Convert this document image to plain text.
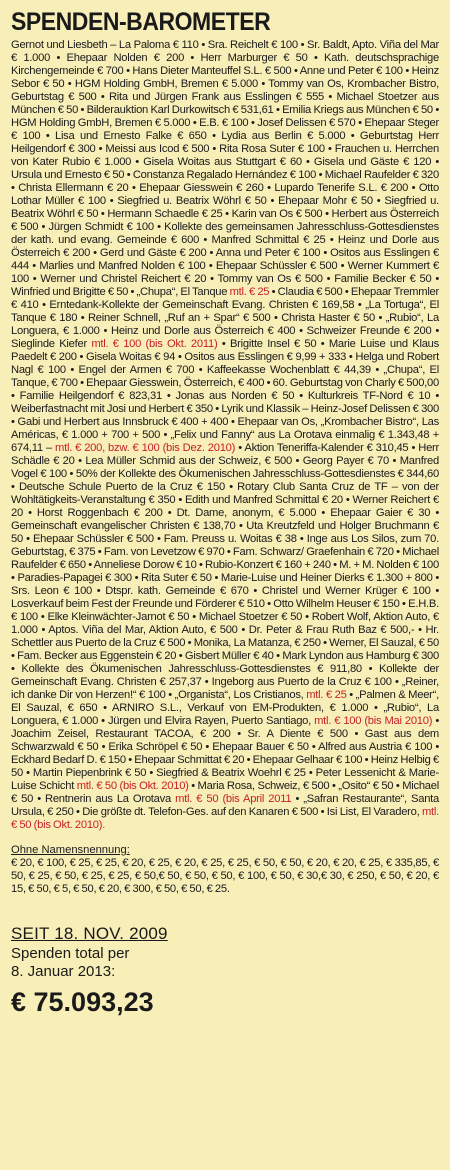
SPENDEN-BAROMETER

Gernot und Liesbeth – La Paloma € 110 • Sra. Reichelt € 100 • Sr. Baldt, Apto. Viña del Mar € 1.000 • Ehepaar Nolden € 200 • Herr Marburger € 50 • Kath. deutschsprachige Kirchengemeinde € 700 • Hans Dieter Manteuffel S.L. € 500 • Anne und Peter € 100 • Heinz Sebor € 50 • HGM Holding GmbH, Bremen € 5.000 • Tommy van Os, Krombacher Bistro, Geburtstag € 500 • Rita und Jürgen Frank aus Esslingen € 555 • Michael Stoetzer aus München € 50 • Bilderauktion Karl Durkowitsch € 531,61 • Emilia Kriegs aus München € 50 • HGM Holding GmbH, Bremen € 5.000 • E.B. € 100 • Josef Delissen € 570 • Ehepaar Steger € 100 • Lisa und Ernesto Falke € 650 • Lydia aus Berlin € 5.000 • Geburtstag Herr Heilgendorf € 300 • Meissi aus Icod € 500 • Rita Rosa Suter € 100 • Frauchen u. Herrchen von Kater Rubio € 1.000 • Gisela Woitas aus Stuttgart € 60 • Gisela und Gäste € 120 • Ursula und Ernesto € 50 • Constanza Regalado Hernández € 100 • Michael Raufelder € 320 • Christa Ellermann € 20 • Ehepaar Giesswein € 260 • Lupardo Tenerife S.L. € 200 • Otto Lothar Müller € 100 • Siegfried u. Beatrix Wöhrl € 50 • Ehepaar Mohr € 50 • Siegfried u. Beatrix Wöhrl € 50 • Hermann Schaedle € 25 • Karin van Os € 500 • Herbert aus Österreich € 500 • Jürgen Schmidt € 100 • Kollekte des gemeinsamen Jahresschluss-Gottesdienstes der kath. und evang. Gemeinde € 600 • Manfred Schmittal € 25 • Heinz und Dorle aus Österreich € 200 • Gerd und Gäste € 200 • Anna und Peter € 100 • Ositos aus Esslingen € 444 • Marlies und Manfred Nolden € 100 • Ehepaar Schüssler € 500 • Werner Kummert € 100 • Werner und Christel Reichert € 20 • Tommy van Os € 500 • Familie Becker € 50 • Winfried und Brigitte € 50 • „Chupa“, El Tanque mtl. € 25 • Claudia € 500 • Ehepaar Tremmler € 410 • Erntedank-Kollekte der Gemeinschaft Evang. Christen € 169,58 • „La Tortuga“, El Tanque € 180 • Reiner Schnell, „Ruf an + Spar“ € 500 • Christa Haster € 50 • „Rubio“, La Longuera, € 1.000 • Heinz und Dorle aus Österreich € 400 • Schweizer Freunde € 200 • Sieglinde Kiefer mtl. € 100 (bis Okt. 2011) • Brigitte Insel € 50 • Marie Luise und Klaus Paedelt € 200 • Gisela Woitas € 94 • Ositos aus Esslingen € 9,99 + 333 • Helga und Robert Nagl € 100 • Engel der Armen € 700 • Kaffeekasse Wochenblatt € 44,39 • „Chupa“, El Tanque, € 700 • Ehepaar Giesswein, Österreich, € 400 • 60. Geburtstag von Charly € 500,00 • Familie Heilgendorf € 823,31 • Jonas aus Norden € 50 • Kulturkreis TF-Nord € 10 • Weiberfastnacht mit Josi und Herbert € 350 • Lyrik und Klassik – Heinz-Josef Delissen € 300 • Gabi und Herbert aus Innsbruck € 400 + 400 • Ehepaar van Os, „Krombacher Bistro“, Las Américas, € 1.000 + 700 + 500 • „Felix und Fanny“ aus La Orotava einmalig € 1.343,48 + 674,11 – mtl. € 200, bzw. € 100 (bis Dez. 2010) • Aktion Teneriffa-Kalender € 310,45 • Herr Schädle € 20 • Lea Müller Schmid aus der Schweiz, € 500 • Georg Payer € 70 • Manfred Vogel € 100 • 50% der Kollekte des Ökumenischen Jahresschluss-Gottesdienstes € 344,60 • Deutsche Schule Puerto de la Cruz € 150 • Rotary Club Santa Cruz de TF – von der Wohltätigkeits-Veranstaltung € 350 • Edith und Manfred Schmittal € 20 • Werner Reichert € 20 • Horst Roggenbach € 200 • Dt. Dame, anonym, € 5.000 • Ehepaar Gaier € 30 • Gemeinschaft evangelischer Christen € 138,70 • Uta Kreutzfeld und Holger Bruchmann € 50 • Ehepaar Schüssler € 500 • Fam. Preuss u. Woitas € 38 • Inge aus Los Silos, zum 70. Geburtstag, € 375 • Fam. von Levetzow € 970 • Fam. Schwarz/ Graefenhain € 720 • Michael Raufelder € 650 • Anneliese Dorow € 10 • Rubio-Konzert € 160 + 240 • M. + M. Nolden € 100 • Paradies-Papagei € 300 • Rita Suter € 50 • Marie-Luise und Heiner Dierks € 1.300 + 800 • Srs. Leon € 100 • Dtspr. kath. Gemeinde € 670 • Christel und Werner Krüger € 100 • Losverkauf beim Fest der Freunde und Förderer € 510 • Otto Wilhelm Heuser € 150 • E.H.B. € 100 • Elke Kleinwächter-Jarnot € 50 • Michael Stoetzer € 50 • Robert Wolf, Aktion Auto, € 1.000 • Aptos. Viña del Mar, Aktion Auto, € 500 • Dr. Peter & Frau Ruth Baz € 500,- • Hr. Schettler aus Puerto de la Cruz € 500 • Monika, La Matanza, € 250 • Werner, El Sauzal, € 50 • Fam. Becker aus Eggenstein € 20 • Gisbert Müller € 40 • Mark Lyndon aus Hamburg € 300 • Kollekte des Ökumenischen Jahresschluss-Gottesdienstes € 911,80 • Kollekte der Gemeinschaft Evang. Christen € 257,37 • Ingeborg aus Puerto de la Cruz € 100 • „Reiner, ich danke Dir von Herzen!“ € 100 • „Organista“, Los Cristianos, mtl. € 25 • „Palmen & Meer“, El Sauzal, € 650 • ARNIRO S.L., Verkauf von EM-Produkten, € 1.000 • „Rubio“, La Longuera, € 1.000 • Jürgen und Elvira Rayen, Puerto Santiago, mtl. € 100 (bis Mai 2010) • Joachim Zeisel, Restaurant TACOA, € 200 • Sr. A Diente € 500 • Gast aus dem Schwarzwald € 50 • Erika Schröpel € 50 • Ehepaar Bauer € 50 • Alfred aus Austria € 100 • Eckhard Bedarf D. € 150 • Ehepaar Schmittat € 20 • Ehepaar Gelhaar € 100 • Heinz Helbig € 50 • Martin Piepenbrink € 50 • Siegfried & Beatrix Woehrl € 25 • Peter Lessenicht & Marie-Luise Schicht mtl. € 50 (bis Okt. 2010) • Maria Rosa, Schweiz, € 500 • „Osito“ € 50 • Michael € 50 • Rentnerin aus La Orotava mtl. € 50 (bis April 2011 • „Safran Restaurante“, Santa Ursula, € 250 • Die größte dt. Telefon-Ges. auf den Kanaren € 500 • Isi List, El Varadero, mtl. € 50 (bis Okt. 2010).

Ohne Namensnennung:

€ 20, € 100, € 25, € 25, € 20, € 25, € 20, € 25, € 25, € 50, € 50, € 20, € 20, € 25, € 335,85, € 50, € 25, € 50, € 25, € 25, € 50,€ 50, € 50, € 50, € 100, € 50, € 30,€ 30, € 250, € 50, € 20, € 15, € 50, € 5, € 50, € 20, € 300, € 50, € 50, € 25.

SEIT 18. NOV. 2009
Spenden total per
8. Januar 2013:
€ 75.093,23
